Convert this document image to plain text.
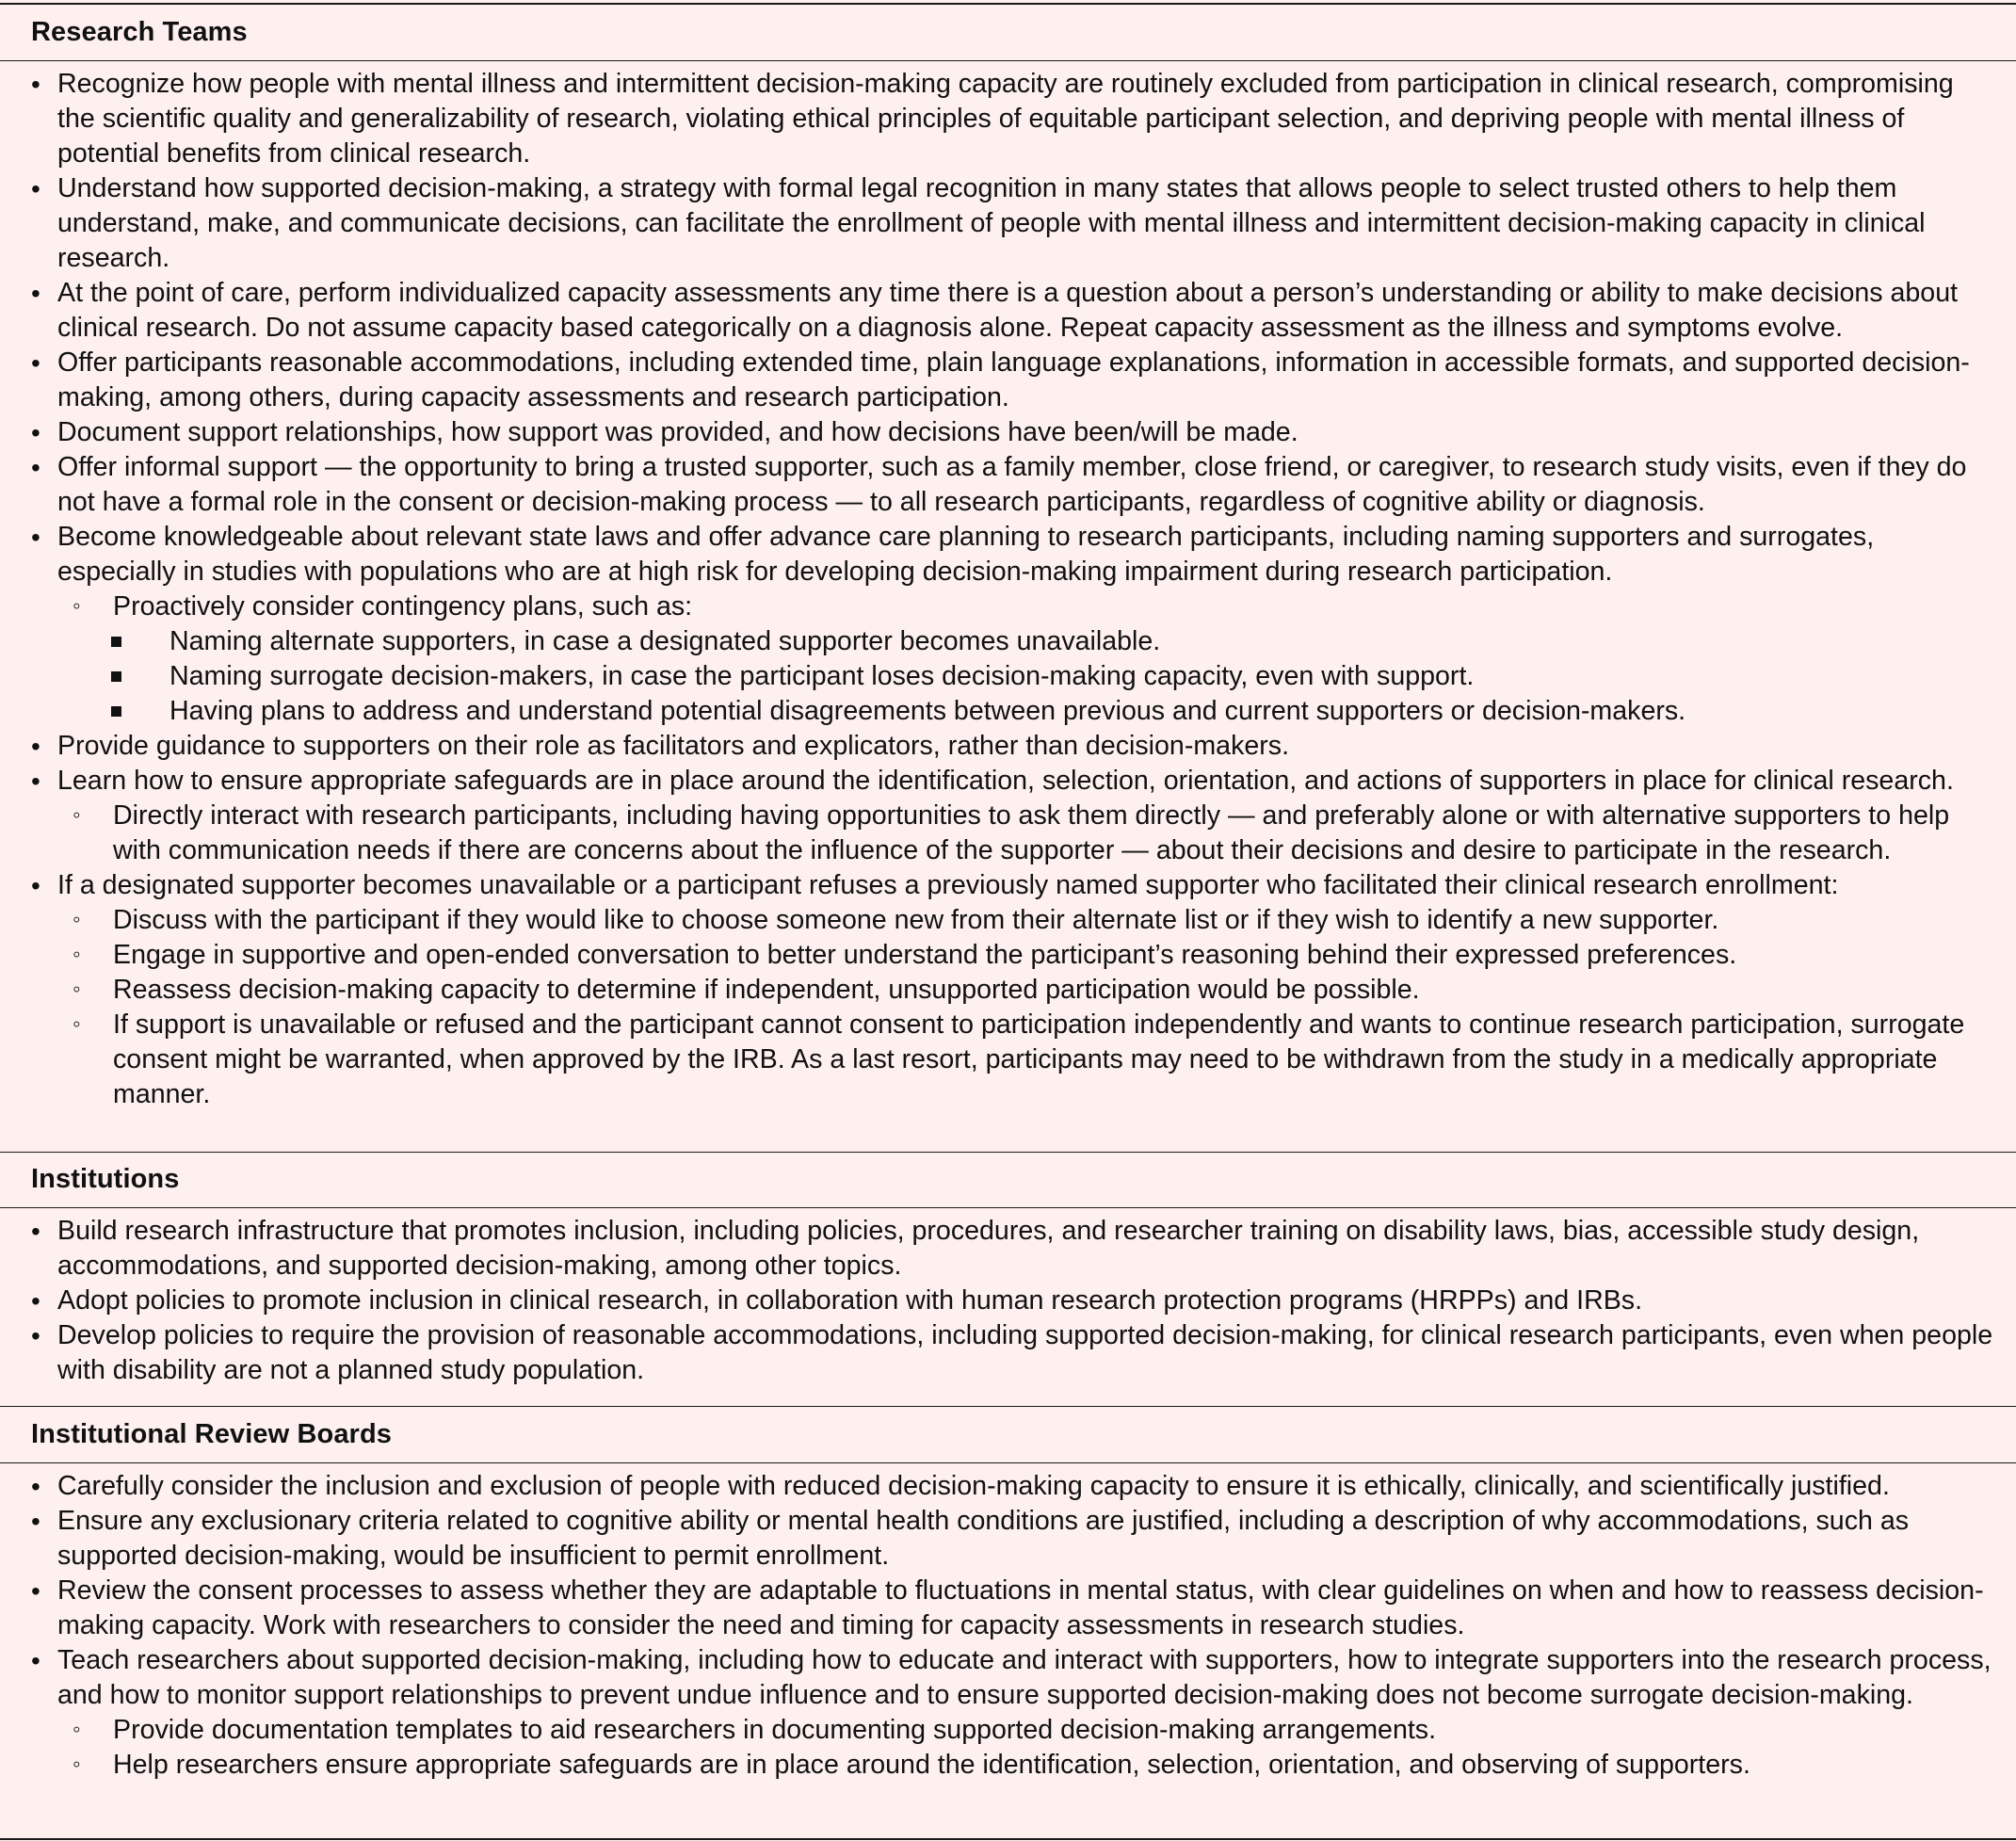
Research Teams
• Recognize how people with mental illness and intermittent decision-making capacity are routinely excluded from participation in clinical research, compromising the scientific quality and generalizability of research, violating ethical principles of equitable participant selection, and depriving people with mental illness of potential benefits from clinical research.
• Understand how supported decision-making, a strategy with formal legal recognition in many states that allows people to select trusted others to help them understand, make, and communicate decisions, can facilitate the enrollment of people with mental illness and intermittent decision-making capacity in clinical research.
• At the point of care, perform individualized capacity assessments any time there is a question about a person’s understanding or ability to make decisions about clinical research. Do not assume capacity based categorically on a diagnosis alone. Repeat capacity assessment as the illness and symptoms evolve.
• Offer participants reasonable accommodations, including extended time, plain language explanations, information in accessible formats, and supported decision-making, among others, during capacity assessments and research participation.
• Document support relationships, how support was provided, and how decisions have been/will be made.
• Offer informal support — the opportunity to bring a trusted supporter, such as a family member, close friend, or caregiver, to research study visits, even if they do not have a formal role in the consent or decision-making process — to all research participants, regardless of cognitive ability or diagnosis.
• Become knowledgeable about relevant state laws and offer advance care planning to research participants, including naming supporters and surrogates, especially in studies with populations who are at high risk for developing decision-making impairment during research participation.
◦ Proactively consider contingency plans, such as:
Naming alternate supporters, in case a designated supporter becomes unavailable.
Naming surrogate decision-makers, in case the participant loses decision-making capacity, even with support.
Having plans to address and understand potential disagreements between previous and current supporters or decision-makers.
• Provide guidance to supporters on their role as facilitators and explicators, rather than decision-makers.
• Learn how to ensure appropriate safeguards are in place around the identification, selection, orientation, and actions of supporters in place for clinical research.
◦ Directly interact with research participants, including having opportunities to ask them directly — and preferably alone or with alternative supporters to help with communication needs if there are concerns about the influence of the supporter — about their decisions and desire to participate in the research.
• If a designated supporter becomes unavailable or a participant refuses a previously named supporter who facilitated their clinical research enrollment:
◦ Discuss with the participant if they would like to choose someone new from their alternate list or if they wish to identify a new supporter.
◦ Engage in supportive and open-ended conversation to better understand the participant’s reasoning behind their expressed preferences.
◦ Reassess decision-making capacity to determine if independent, unsupported participation would be possible.
◦ If support is unavailable or refused and the participant cannot consent to participation independently and wants to continue research participation, surrogate consent might be warranted, when approved by the IRB. As a last resort, participants may need to be withdrawn from the study in a medically appropriate manner.
Institutions
• Build research infrastructure that promotes inclusion, including policies, procedures, and researcher training on disability laws, bias, accessible study design, accommodations, and supported decision-making, among other topics.
• Adopt policies to promote inclusion in clinical research, in collaboration with human research protection programs (HRPPs) and IRBs.
• Develop policies to require the provision of reasonable accommodations, including supported decision-making, for clinical research participants, even when people with disability are not a planned study population.
Institutional Review Boards
• Carefully consider the inclusion and exclusion of people with reduced decision-making capacity to ensure it is ethically, clinically, and scientifically justified.
• Ensure any exclusionary criteria related to cognitive ability or mental health conditions are justified, including a description of why accommodations, such as supported decision-making, would be insufficient to permit enrollment.
• Review the consent processes to assess whether they are adaptable to fluctuations in mental status, with clear guidelines on when and how to reassess decision-making capacity. Work with researchers to consider the need and timing for capacity assessments in research studies.
• Teach researchers about supported decision-making, including how to educate and interact with supporters, how to integrate supporters into the research process, and how to monitor support relationships to prevent undue influence and to ensure supported decision-making does not become surrogate decision-making.
◦ Provide documentation templates to aid researchers in documenting supported decision-making arrangements.
◦ Help researchers ensure appropriate safeguards are in place around the identification, selection, orientation, and observing of supporters.
